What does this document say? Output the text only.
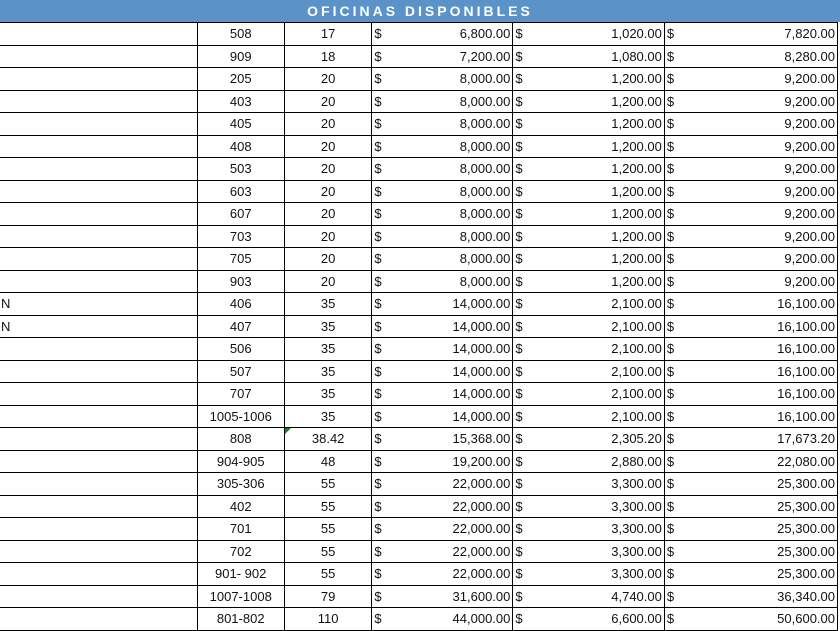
OFICINAS DISPONIBLES
	508	17	$	6,800.00	$	1,020.00	$	7,820.00
	909	18	$	7,200.00	$	1,080.00	$	8,280.00
	205	20	$	8,000.00	$	1,200.00	$	9,200.00
	403	20	$	8,000.00	$	1,200.00	$	9,200.00
	405	20	$	8,000.00	$	1,200.00	$	9,200.00
	408	20	$	8,000.00	$	1,200.00	$	9,200.00
	503	20	$	8,000.00	$	1,200.00	$	9,200.00
	603	20	$	8,000.00	$	1,200.00	$	9,200.00
	607	20	$	8,000.00	$	1,200.00	$	9,200.00
	703	20	$	8,000.00	$	1,200.00	$	9,200.00
	705	20	$	8,000.00	$	1,200.00	$	9,200.00
	903	20	$	8,000.00	$	1,200.00	$	9,200.00
N	406	35	$	14,000.00	$	2,100.00	$	16,100.00
N	407	35	$	14,000.00	$	2,100.00	$	16,100.00
	506	35	$	14,000.00	$	2,100.00	$	16,100.00
	507	35	$	14,000.00	$	2,100.00	$	16,100.00
	707	35	$	14,000.00	$	2,100.00	$	16,100.00
	1005-1006	35	$	14,000.00	$	2,100.00	$	16,100.00
	808	38.42	$	15,368.00	$	2,305.20	$	17,673.20
	904-905	48	$	19,200.00	$	2,880.00	$	22,080.00
	305-306	55	$	22,000.00	$	3,300.00	$	25,300.00
	402	55	$	22,000.00	$	3,300.00	$	25,300.00
	701	55	$	22,000.00	$	3,300.00	$	25,300.00
	702	55	$	22,000.00	$	3,300.00	$	25,300.00
	901- 902	55	$	22,000.00	$	3,300.00	$	25,300.00
	1007-1008	79	$	31,600.00	$	4,740.00	$	36,340.00
	801-802	110	$	44,000.00	$	6,600.00	$	50,600.00
